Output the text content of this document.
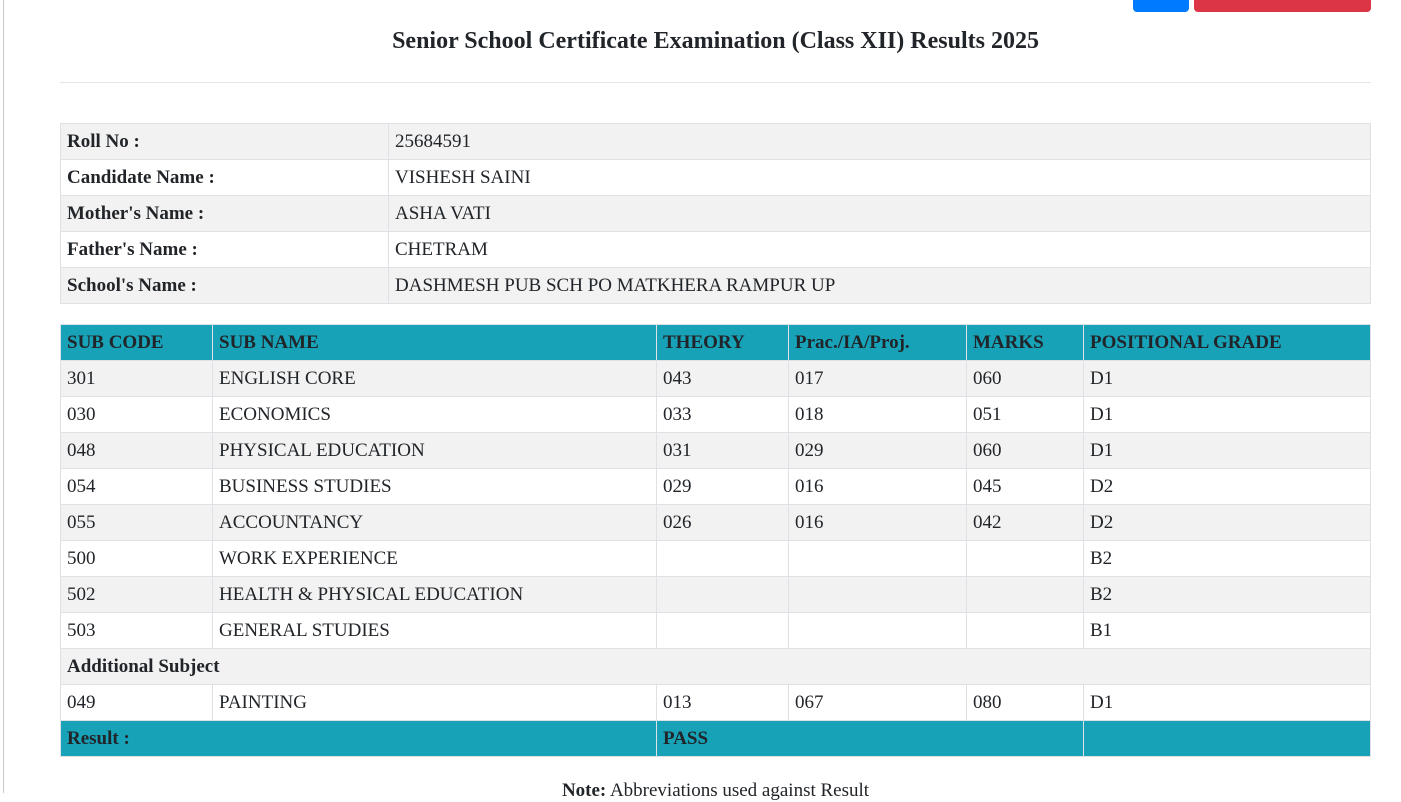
Senior School Certificate Examination (Class XII) Results 2025
Roll No :	25684591
Candidate Name :	VISHESH SAINI
Mother's Name :	ASHA VATI
Father's Name :	CHETRAM
School's Name :	DASHMESH PUB SCH PO MATKHERA RAMPUR UP
SUB CODE	SUB NAME	THEORY	Prac./IA/Proj.	MARKS	POSITIONAL GRADE
301	ENGLISH CORE	043	017	060	D1
030	ECONOMICS	033	018	051	D1
048	PHYSICAL EDUCATION	031	029	060	D1
054	BUSINESS STUDIES	029	016	045	D2
055	ACCOUNTANCY	026	016	042	D2
500	WORK EXPERIENCE				B2
502	HEALTH & PHYSICAL EDUCATION				B2
503	GENERAL STUDIES				B1
Additional Subject					
049	PAINTING	013	067	080	D1
Result :		PASS			
Note: Abbreviations used against Result
